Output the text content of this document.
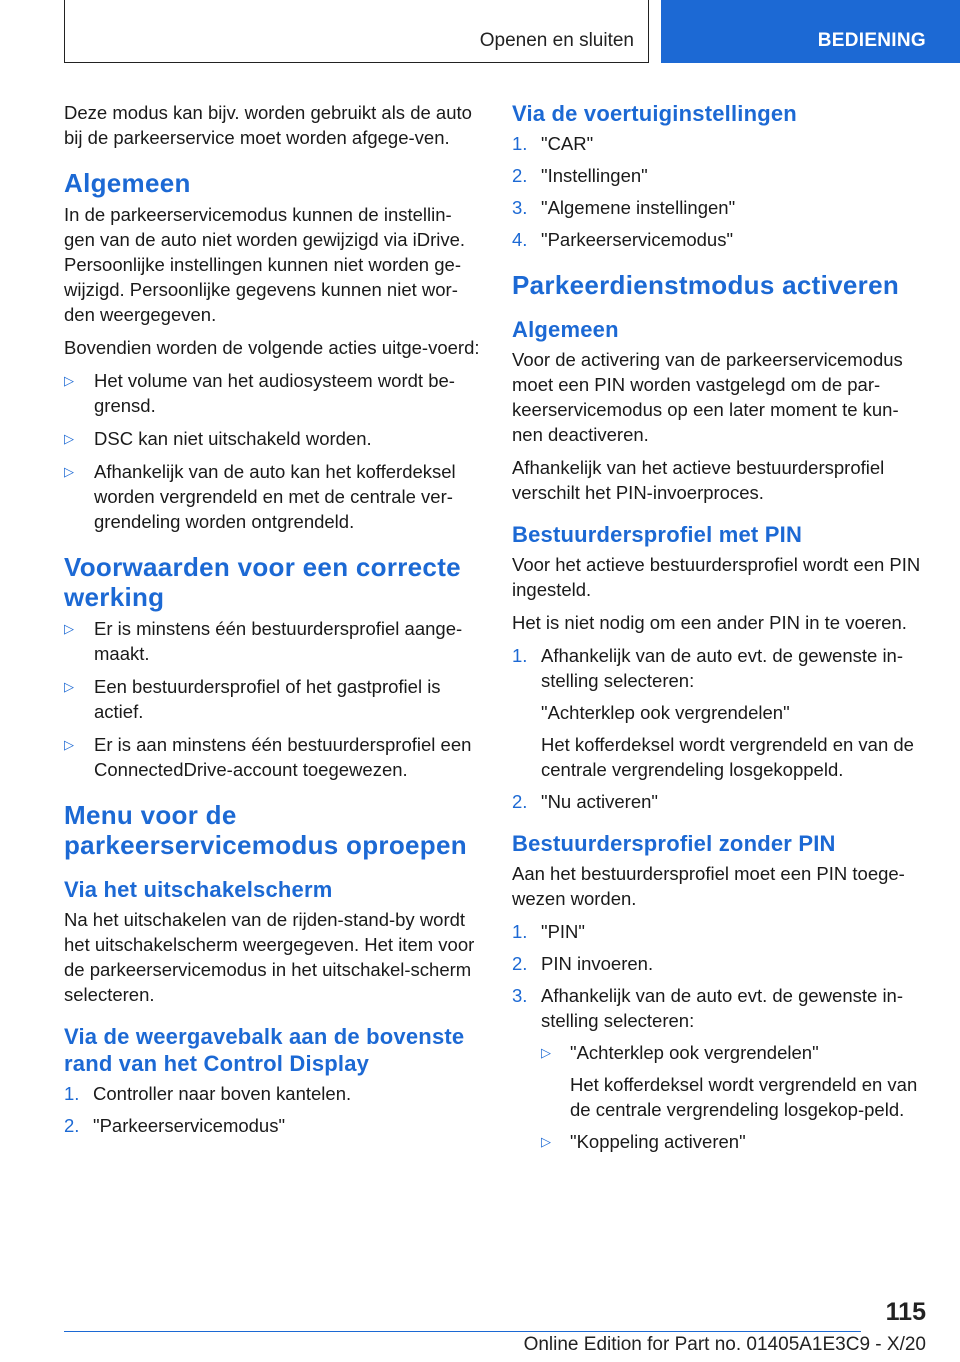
Openen en sluiten	BEDIENING

Deze modus kan bijv. worden gebruikt als de auto bij de parkeerservice moet worden afgege-ven.

Algemeen

In de parkeerservicemodus kunnen de instellin-gen van de auto niet worden gewijzigd via iDrive. Persoonlijke instellingen kunnen niet worden ge-wijzigd. Persoonlijke gegevens kunnen niet wor-den weergegeven.

Bovendien worden de volgende acties uitge-voerd:

▷ Het volume van het audiosysteem wordt be-grensd.
▷ DSC kan niet uitschakeld worden.
▷ Afhankelijk van de auto kan het kofferdeksel worden vergrendeld en met de centrale ver-grendeling worden ontgrendeld.
Voorwaarden voor een correcte werking
▷ Er is minstens één bestuurdersprofiel aange-maakt.
▷ Een bestuurdersprofiel of het gastprofiel is actief.
▷ Er is aan minstens één bestuurdersprofiel een ConnectedDrive-account toegewezen.
Menu voor de parkeerservicemodus oproepen
Via het uitschakelscherm

Na het uitschakelen van de rijden-stand-by wordt het uitschakelscherm weergegeven. Het item voor de parkeerservicemodus in het uitschakel-scherm selecteren.

Via de weergavebalk aan de bovenste rand van het Control Display
1. Controller naar boven kantelen.
2. "Parkeerservicemodus"
Via de voertuiginstellingen
1. "CAR"
2. "Instellingen"
3. "Algemene instellingen"
4. "Parkeerservicemodus"
Parkeerdienstmodus activeren
Algemeen

Voor de activering van de parkeerservicemodus moet een PIN worden vastgelegd om de par-keerservicemodus op een later moment te kun-nen deactiveren.

Afhankelijk van het actieve bestuurdersprofiel verschilt het PIN-invoerproces.

Bestuurdersprofiel met PIN

Voor het actieve bestuurdersprofiel wordt een PIN ingesteld.

Het is niet nodig om een ander PIN in te voeren.

1. Afhankelijk van de auto evt. de gewenste in-stelling selecteren:
"Achterklep ook vergrendelen"
Het kofferdeksel wordt vergrendeld en van de centrale vergrendeling losgekoppeld.
2. "Nu activeren"
Bestuurdersprofiel zonder PIN

Aan het bestuurdersprofiel moet een PIN toege-wezen worden.

1. "PIN"
2. PIN invoeren.
3. Afhankelijk van de auto evt. de gewenste in-stelling selecteren:
▷ "Achterklep ook vergrendelen"
Het kofferdeksel wordt vergrendeld en van de centrale vergrendeling losgekop-peld.
▷ "Koppeling activeren"
115
Online Edition for Part no. 01405A1E3C9 - X/20
